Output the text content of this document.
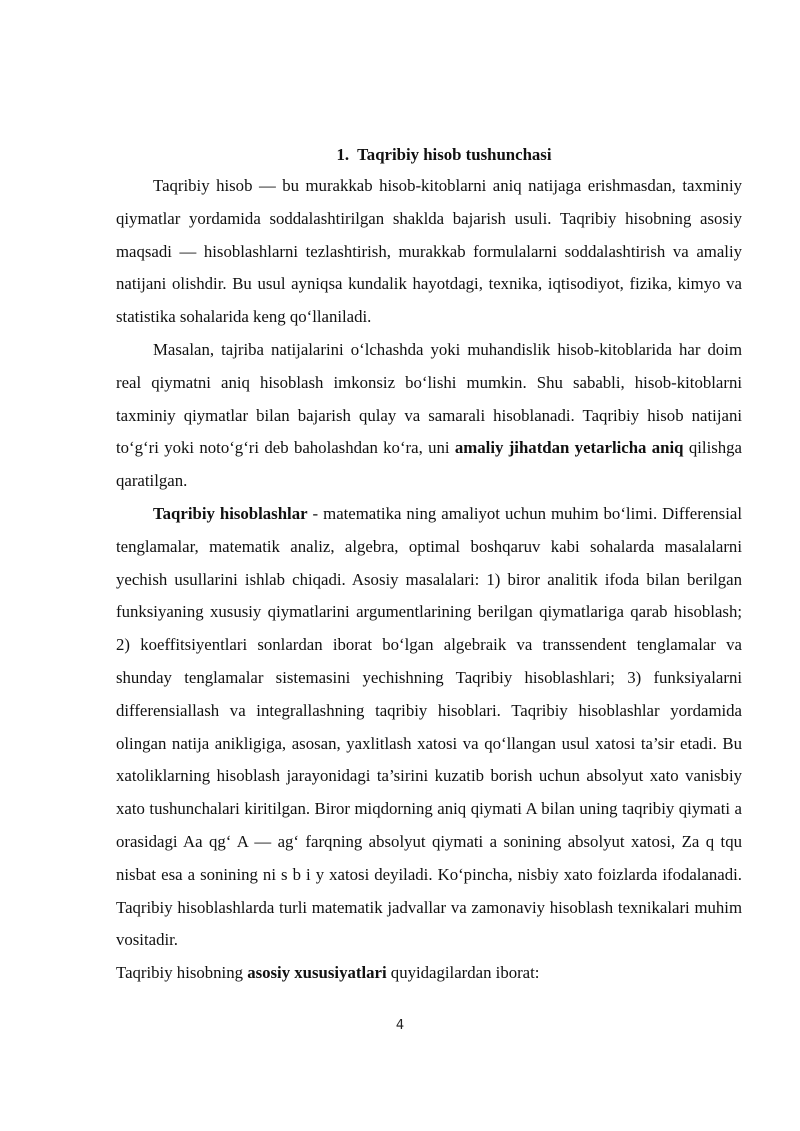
1.  Taqribiy hisob tushunchasi

Taqribiy hisob — bu murakkab hisob-kitoblarni aniq natijaga erishmasdan, taxminiy qiymatlar yordamida soddalashtirilgan shaklda bajarish usuli. Taqribiy hisobning asosiy maqsadi — hisoblashlarni tezlashtirish, murakkab formulalarni soddalashtirish va amaliy natijani olishdir. Bu usul ayniqsa kundalik hayotdagi, texnika, iqtisodiyot, fizika, kimyo va statistika sohalarida keng qo‘llaniladi.

Masalan, tajriba natijalarini o‘lchashda yoki muhandislik hisob-kitoblarida har doim real qiymatni aniq hisoblash imkonsiz bo‘lishi mumkin. Shu sababli, hisob-kitoblarni taxminiy qiymatlar bilan bajarish qulay va samarali hisoblanadi. Taqribiy hisob natijani to‘g‘ri yoki noto‘g‘ri deb baholashdan ko‘ra, uni amaliy jihatdan yetarlicha aniq qilishga qaratilgan.

Taqribiy hisoblashlar - matematika ning amaliyot uchun muhim bo‘limi. Differensial tenglamalar, matematik analiz, algebra, optimal boshqaruv kabi sohalarda masalalarni yechish usullarini ishlab chiqadi. Asosiy masalalari: 1) biror analitik ifoda bilan berilgan funksiyaning xususiy qiymatlarini argumentlarining berilgan qiymatlariga qarab hisoblash; 2) koeffitsiyentlari sonlardan iborat bo‘lgan algebraik va transsendent tenglamalar va shunday tenglamalar sistemasini yechishning Taqribiy hisoblashlari; 3) funksiyalarni differensiallash va integrallashning taqribiy hisoblari. Taqribiy hisoblashlar yordamida olingan natija anikligiga, asosan, yaxlitlash xatosi va qo‘llangan usul xatosi ta’sir etadi. Bu xatoliklarning hisoblash jarayonidagi ta’sirini kuzatib borish uchun absolyut xato vanisbiy xato tushunchalari kiritilgan. Biror miqdorning aniq qiymati A bilan uning taqribiy qiymati a orasidagi Aa qg‘ A — ag‘ farqning absolyut qiymati a sonining absolyut xatosi, Za q tqu nisbat esa a sonining ni s b i y xatosi deyiladi. Ko‘pincha, nisbiy xato foizlarda ifodalanadi. Taqribiy hisoblashlarda turli matematik jadvallar va zamonaviy hisoblash texnikalari muhim vositadir.

Taqribiy hisobning asosiy xususiyatlari quyidagilardan iborat:

4
